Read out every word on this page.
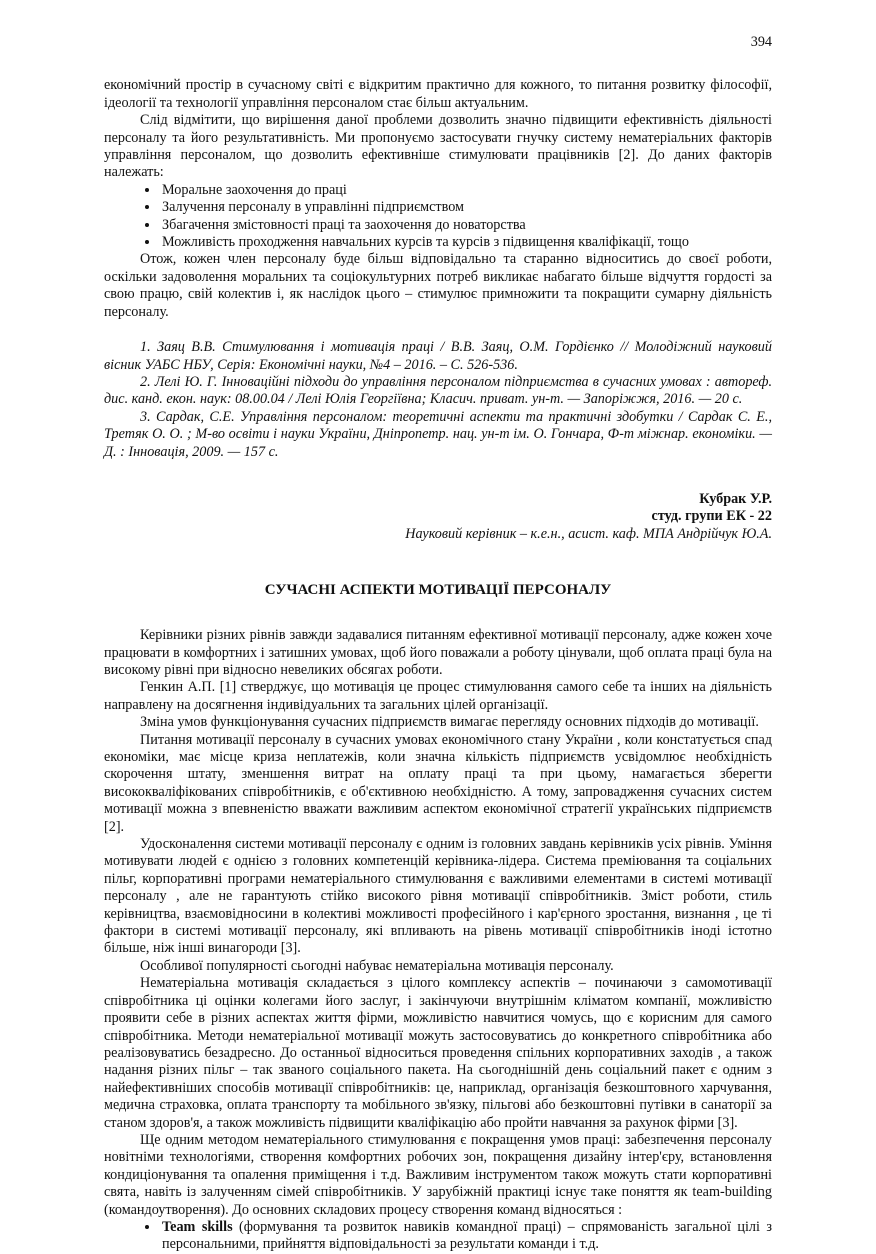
394

економічний простір в сучасному світі є відкритим практично для кожного, то питання розвитку філософії, ідеології та технології управління персоналом стає більш актуальним.

Слід відмітити, що вирішення даної проблеми дозволить значно підвищити ефективність діяльності персоналу та його результативність. Ми пропонуємо застосувати гнучку систему нематеріальних факторів управління персоналом, що дозволить ефективніше стимулювати працівників [2]. До даних факторів належать:

• Моральне заохочення до праці
• Залучення персоналу в управлінні підприємством
• Збагачення змістовності праці та заохочення до новаторства
• Можливість проходження навчальних курсів та курсів з підвищення кваліфікації, тощо

Отож, кожен член персоналу буде більш відповідально та старанно відноситись до своєї роботи, оскільки задоволення моральних та соціокультурних потреб викликає набагато більше відчуття гордості за свою працю, свій колектив і, як наслідок цього – стимулює примножити та покращити сумарну діяльність персоналу.

1. Заяц В.В. Стимулювання і мотивація праці / В.В. Заяц, О.М. Гордієнко // Молодіжний науковий вісник УАБС НБУ, Серія: Економічні науки, №4 – 2016. – С. 526-536.

2. Лелі Ю. Г. Інноваційні підходи до управління персоналом підприємства в сучасних умовах : автореф. дис. канд. екон. наук: 08.00.04 / Лелі Юлія Георгіївна; Класич. приват. ун-т. — Запоріжжя, 2016. — 20 с.

3. Сардак, С.Е. Управління персоналом: теоретичні аспекти та практичні здобутки / Сардак С. Е., Третяк О. О. ; М-во освіти і науки України, Дніпропетр. нац. ун-т ім. О. Гончара, Ф-т міжнар. економіки. — Д. : Інновація, 2009. — 157 с.

Кубрак У.Р.

студ. групи ЕК - 22

Науковий керівник – к.е.н., асист. каф. МПА Андрійчук Ю.А.

СУЧАСНІ АСПЕКТИ МОТИВАЦІЇ ПЕРСОНАЛУ

Керівники різних рівнів завжди задавалися питанням ефективної мотивації персоналу, адже кожен хоче працювати в комфортних і затишних умовах, щоб його поважали а роботу цінували, щоб оплата праці була на високому рівні при відносно невеликих обсягах роботи.

Генкин А.П. [1] стверджує, що мотивація це процес стимулювання самого себе та інших на діяльність направлену на досягнення індивідуальних та загальних цілей організації.

Зміна умов функціонування сучасних підприємств вимагає перегляду основних підходів до мотивації.

Питання мотивації персоналу в сучасних умовах економічного стану України , коли констатується спад економіки, має місце криза неплатежів, коли значна кількість підприємств усвідомлює необхідність скорочення штату, зменшення витрат на оплату праці та при цьому, намагається зберегти висококваліфікованих співробітників, є об'єктивною необхідністю. А тому, запровадження сучасних систем мотивації можна з впевненістю вважати важливим аспектом економічної стратегії українських підприємств [2].

Удосконалення системи мотивації персоналу є одним із головних завдань керівників усіх рівнів. Уміння мотивувати людей є однією з головних компетенцій керівника-лідера. Система преміювання та соціальних пільг, корпоративні програми нематеріального стимулювання є важливими елементами в системі мотивації персоналу , але не гарантують стійко високого рівня мотивації співробітників. Зміст роботи, стиль керівництва, взаємовідносини в колективі можливості професійного і кар'єрного зростання, визнання , це ті фактори в системі мотивації персоналу, які впливають на рівень мотивації співробітників іноді істотно більше, ніж інші винагороди [3].

Особливої популярності сьогодні набуває нематеріальна мотивація персоналу.

Нематеріальна мотивація складається з цілого комплексу аспектів – починаючи з самомотивації співробітника ці оцінки колегами його заслуг, і закінчуючи внутрішнім кліматом компанії, можливістю проявити себе в різних аспектах життя фірми, можливістю навчитися чомусь, що є корисним для самого співробітника. Методи нематеріальної мотивації можуть застосовуватись до конкретного співробітника або реалізовуватись безадресно. До останньої відноситься проведення спільних корпоративних заходів , а також надання різних пільг – так званого соціального пакета. На сьогоднішній день соціальний пакет є одним з найефективніших способів мотивації співробітників: це, наприклад, організація безкоштовного харчування, медична страховка, оплата транспорту та мобільного зв'язку, пільгові або безкоштовні путівки в санаторії за станом здоров'я, а також можливість підвищити кваліфікацію або пройти навчання за рахунок фірми [3].

Ще одним методом нематеріального стимулювання є покращення умов праці: забезпечення персоналу новітніми технологіями, створення комфортних робочих зон, покращення дизайну інтер'єру, встановлення кондиціонування та опалення приміщення і т.д. Важливим інструментом також можуть стати корпоративні свята, навіть із залученням сімей співробітників. У зарубіжній практиці існує таке поняття як team-building (командоутворення). До основних складових процесу створення команд відносяться :

• Team skills (формування та розвиток навиків командної праці) – спрямованість загальної цілі з персональними, прийняття відповідальності за результати команди і т.д.
